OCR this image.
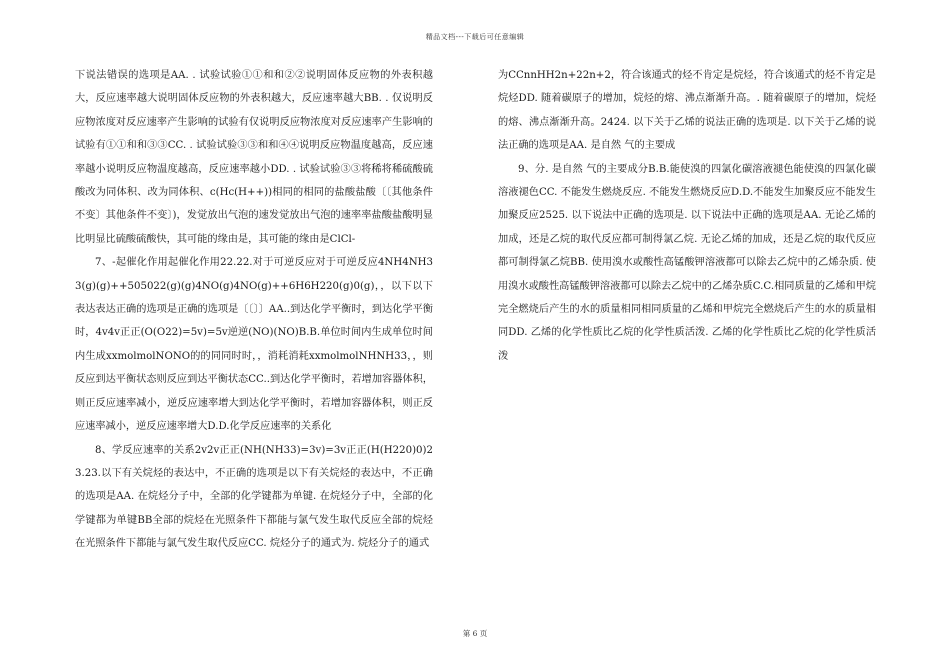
精品文档---下载后可任意编辑

下说法错误的选项是AA. . 试验试验①①和和②②说明固体反应物的外表积越大，反应速率越大说明固体反应物的外表积越大，反应速率越大BB. . 仅说明反应物浓度对反应速率产生影响的试验有仅说明反应物浓度对反应速率产生影响的试验有①①和和③③CC. . 试验试验③③和和④④说明反应物温度越高，反应速率越小说明反应物温度越高，反应速率越小DD. . 试验试验③③将稀将稀硫酸硫酸改为同体积、改为同体积、c(Hc(H++))相同的相同的盐酸盐酸〔〔其他条件不变〕其他条件不变〕)，发觉放出气泡的速发觉放出气泡的速率率盐酸盐酸明显比明显比硫酸硫酸快，其可能的缘由是，其可能的缘由是ClCl-

7、-起催化作用起催化作用22.22.对于可逆反应对于可逆反应4NH4NH33(g)(g)++505022(g)(g)4NO(g)4NO(g)++6H6H220(g)0(g)，，以下以下表达表达正确的选项是正确的选项是〔〔〕〕AA..到达化学平衡时，到达化学平衡时，4v4v正正(O(O22)=5v)=5v逆逆(NO)(NO)B.B.单位时间内生成单位时间内生成xxmolmolNONO的的同同时时，，消耗消耗xxmolmolNHNH33，，则反应到达平衡状态则反应到达平衡状态CC..到达化学平衡时，若增加容器体积，则正反应速率减小，逆反应速率增大到达化学平衡时，若增加容器体积，则正反应速率减小，逆反应速率增大D.D.化学反应速率的关系化

8、学反应速率的关系2v2v正正(NH(NH33)=3v)=3v正正(H(H220)0)23.23.以下有关烷烃的表达中，不正确的选项是以下有关烷烃的表达中，不正确的选项是AA. 在烷烃分子中，全部的化学键都为单键. 在烷烃分子中，全部的化学键都为单键BB全部的烷烃在光照条件下都能与氯气发生取代反应全部的烷烃在光照条件下都能与氯气发生取代反应CC. 烷烃分子的通式为. 烷烃分子的通式

为CCnnHH2n+22n+2，符合该通式的烃不肯定是烷烃，符合该通式的烃不肯定是烷烃DD. 随着碳原子的增加，烷烃的熔、沸点渐渐升高。. 随着碳原子的增加，烷烃的熔、沸点渐渐升高。2424. 以下关于乙烯的说法正确的选项是. 以下关于乙烯的说法正确的选项是AA. 是自然 气的主要成

9、分. 是自然 气的主要成分B.B.能使溴的四氯化碳溶液褪色能使溴的四氯化碳溶液褪色CC. 不能发生燃烧反应. 不能发生燃烧反应D.D.不能发生加聚反应不能发生加聚反应2525. 以下说法中正确的选项是. 以下说法中正确的选项是AA. 无论乙烯的加成，还是乙烷的取代反应都可制得氯乙烷. 无论乙烯的加成，还是乙烷的取代反应都可制得氯乙烷BB. 使用溴水或酸性高锰酸钾溶液都可以除去乙烷中的乙烯杂质. 使用溴水或酸性高锰酸钾溶液都可以除去乙烷中的乙烯杂质C.C.相同质量的乙烯和甲烷完全燃烧后产生的水的质量相同相同质量的乙烯和甲烷完全燃烧后产生的水的质量相同DD. 乙烯的化学性质比乙烷的化学性质活泼. 乙烯的化学性质比乙烷的化学性质活泼

第 6 页
